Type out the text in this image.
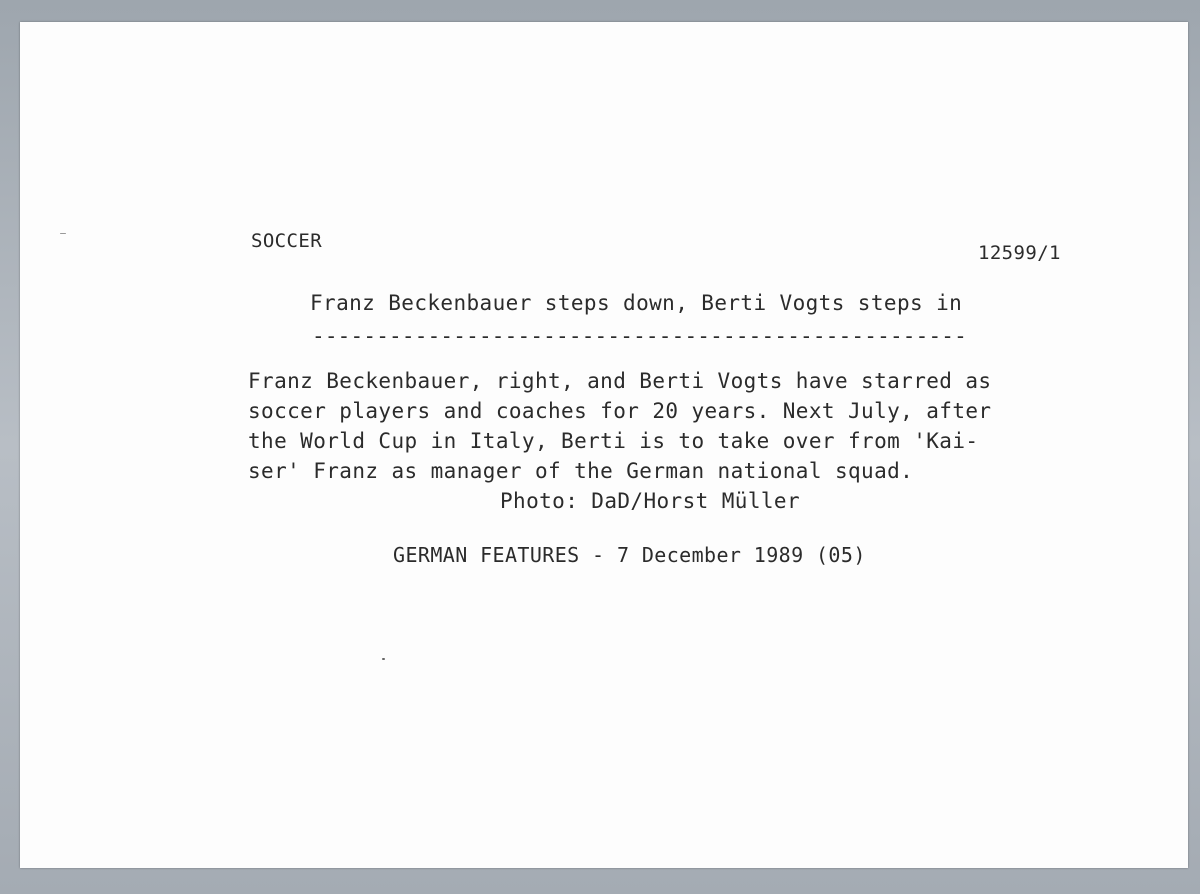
SOCCER
12599/1
Franz Beckenbauer steps down, Berti Vogts steps in
---------------------------------------------------
Franz Beckenbauer, right, and Berti Vogts have starred as
soccer players and coaches for 20 years. Next July, after
the World Cup in Italy, Berti is to take over from 'Kai-
ser' Franz as manager of the German national squad.
Photo: DaD/Horst Müller
GERMAN FEATURES - 7 December 1989 (05)
